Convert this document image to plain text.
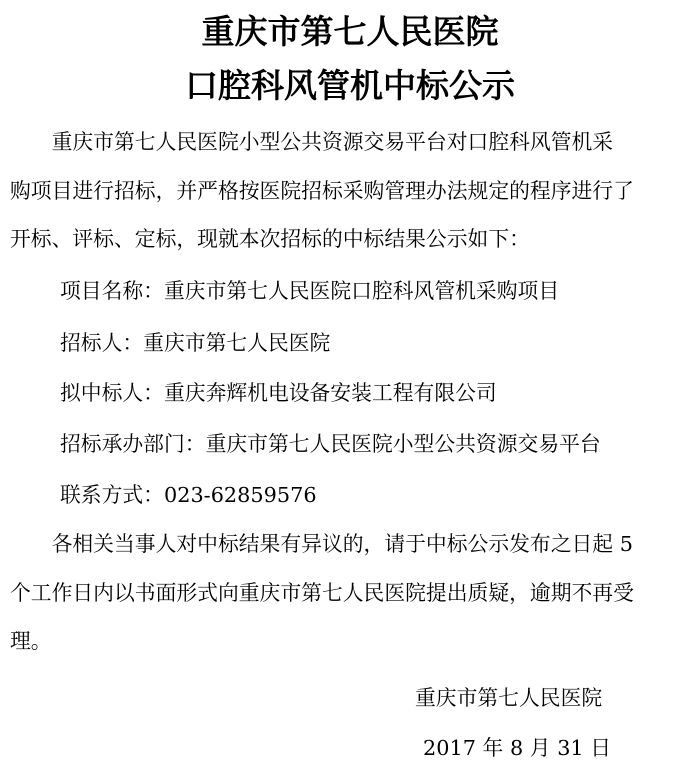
重庆市第七人民医院
口腔科风管机中标公示

　　重庆市第七人民医院小型公共资源交易平台对口腔科风管机采
购项目进行招标，并严格按医院招标采购管理办法规定的程序进行了
开标、评标、定标，现就本次招标的中标结果公示如下：

项目名称：重庆市第七人民医院口腔科风管机采购项目

招标人：重庆市第七人民医院

拟中标人：重庆奔辉机电设备安装工程有限公司

招标承办部门：重庆市第七人民医院小型公共资源交易平台

联系方式：023-62859576

　　各相关当事人对中标结果有异议的，请于中标公示发布之日起 5
个工作日内以书面形式向重庆市第七人民医院提出质疑，逾期不再受
理。

重庆市第七人民医院

2017 年 8 月 31 日
